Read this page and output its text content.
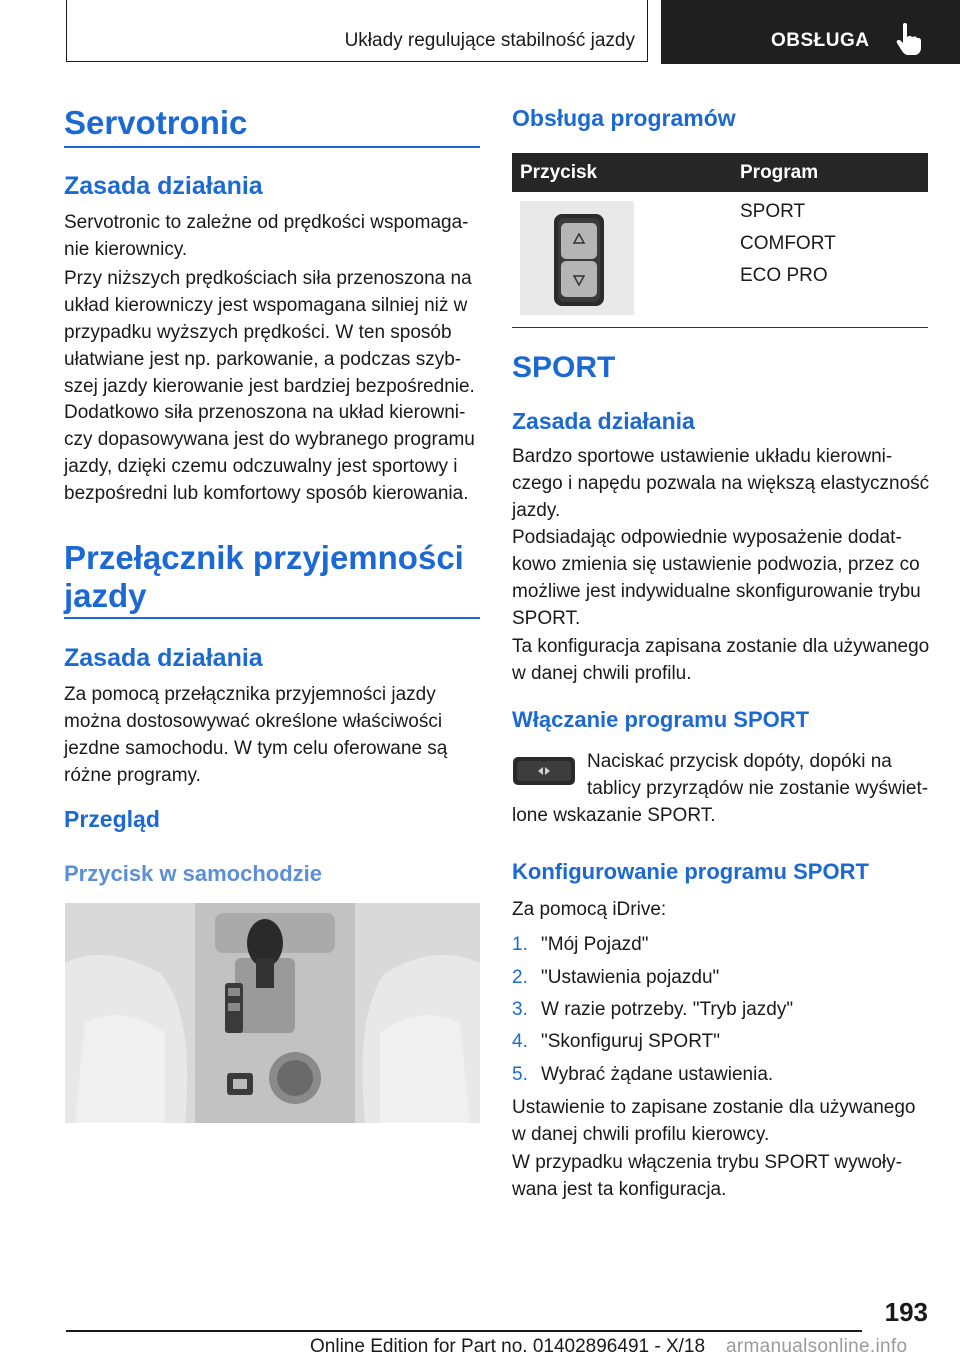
Układy regulujące stabilność jazdy	OBSŁUGA
Servotronic
Zasada działania
Servotronic to zależne od prędkości wspomaga-
nie kierownicy.
Przy niższych prędkościach siła przenoszona na
układ kierowniczy jest wspomagana silniej niż w
przypadku wyższych prędkości. W ten sposób
ułatwiane jest np. parkowanie, a podczas szyb-
szej jazdy kierowanie jest bardziej bezpośrednie.
Dodatkowo siła przenoszona na układ kierowni-
czy dopasowywana jest do wybranego programu
jazdy, dzięki czemu odczuwalny jest sportowy i
bezpośredni lub komfortowy sposób kierowania.
Przełącznik przyjemności
jazdy
Zasada działania
Za pomocą przełącznika przyjemności jazdy
można dostosowywać określone właściwości
jezdne samochodu. W tym celu oferowane są
różne programy.
Przegląd
Przycisk w samochodzie
Obsługa programów
Przycisk	Program
SPORT
COMFORT
ECO PRO
SPORT
Zasada działania
Bardzo sportowe ustawienie układu kierowni-
czego i napędu pozwala na większą elastyczność
jazdy.
Podsiadając odpowiednie wyposażenie dodat-
kowo zmienia się ustawienie podwozia, przez co
możliwe jest indywidualne skonfigurowanie trybu
SPORT.
Ta konfiguracja zapisana zostanie dla używanego
w danej chwili profilu.
Włączanie programu SPORT
Naciskać przycisk dopóty, dopóki na
tablicy przyrządów nie zostanie wyświet-
lone wskazanie SPORT.
Konfigurowanie programu SPORT
Za pomocą iDrive:
1. "Mój Pojazd"
2. "Ustawienia pojazdu"
3. W razie potrzeby. "Tryb jazdy"
4. "Skonfiguruj SPORT"
5. Wybrać żądane ustawienia.
Ustawienie to zapisane zostanie dla używanego
w danej chwili profilu kierowcy.
W przypadku włączenia trybu SPORT wywoły-
wana jest ta konfiguracja.
193
Online Edition for Part no. 01402896491 - X/18 armanualsonline.info
